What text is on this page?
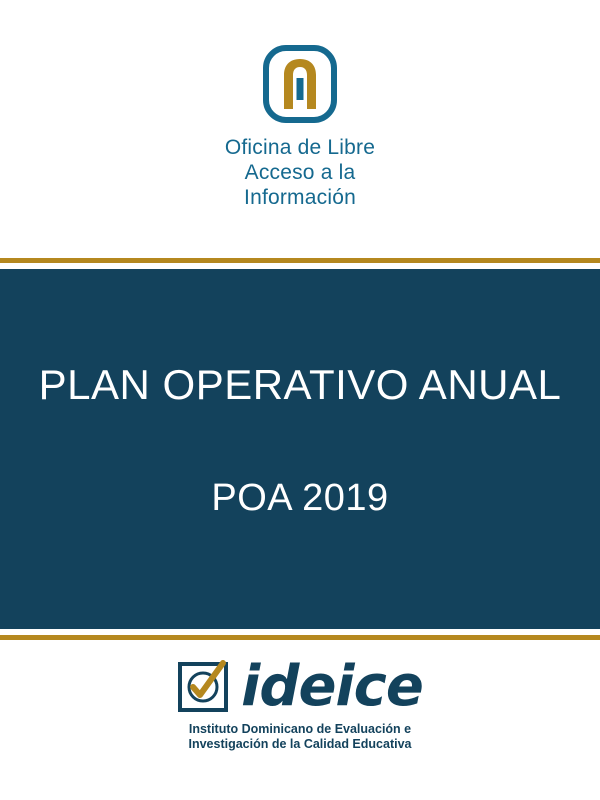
Oficina de Libre
Acceso a la
Información
PLAN OPERATIVO ANUAL
POA 2019
ideice
Instituto Dominicano de Evaluación e
Investigación de la Calidad Educativa
